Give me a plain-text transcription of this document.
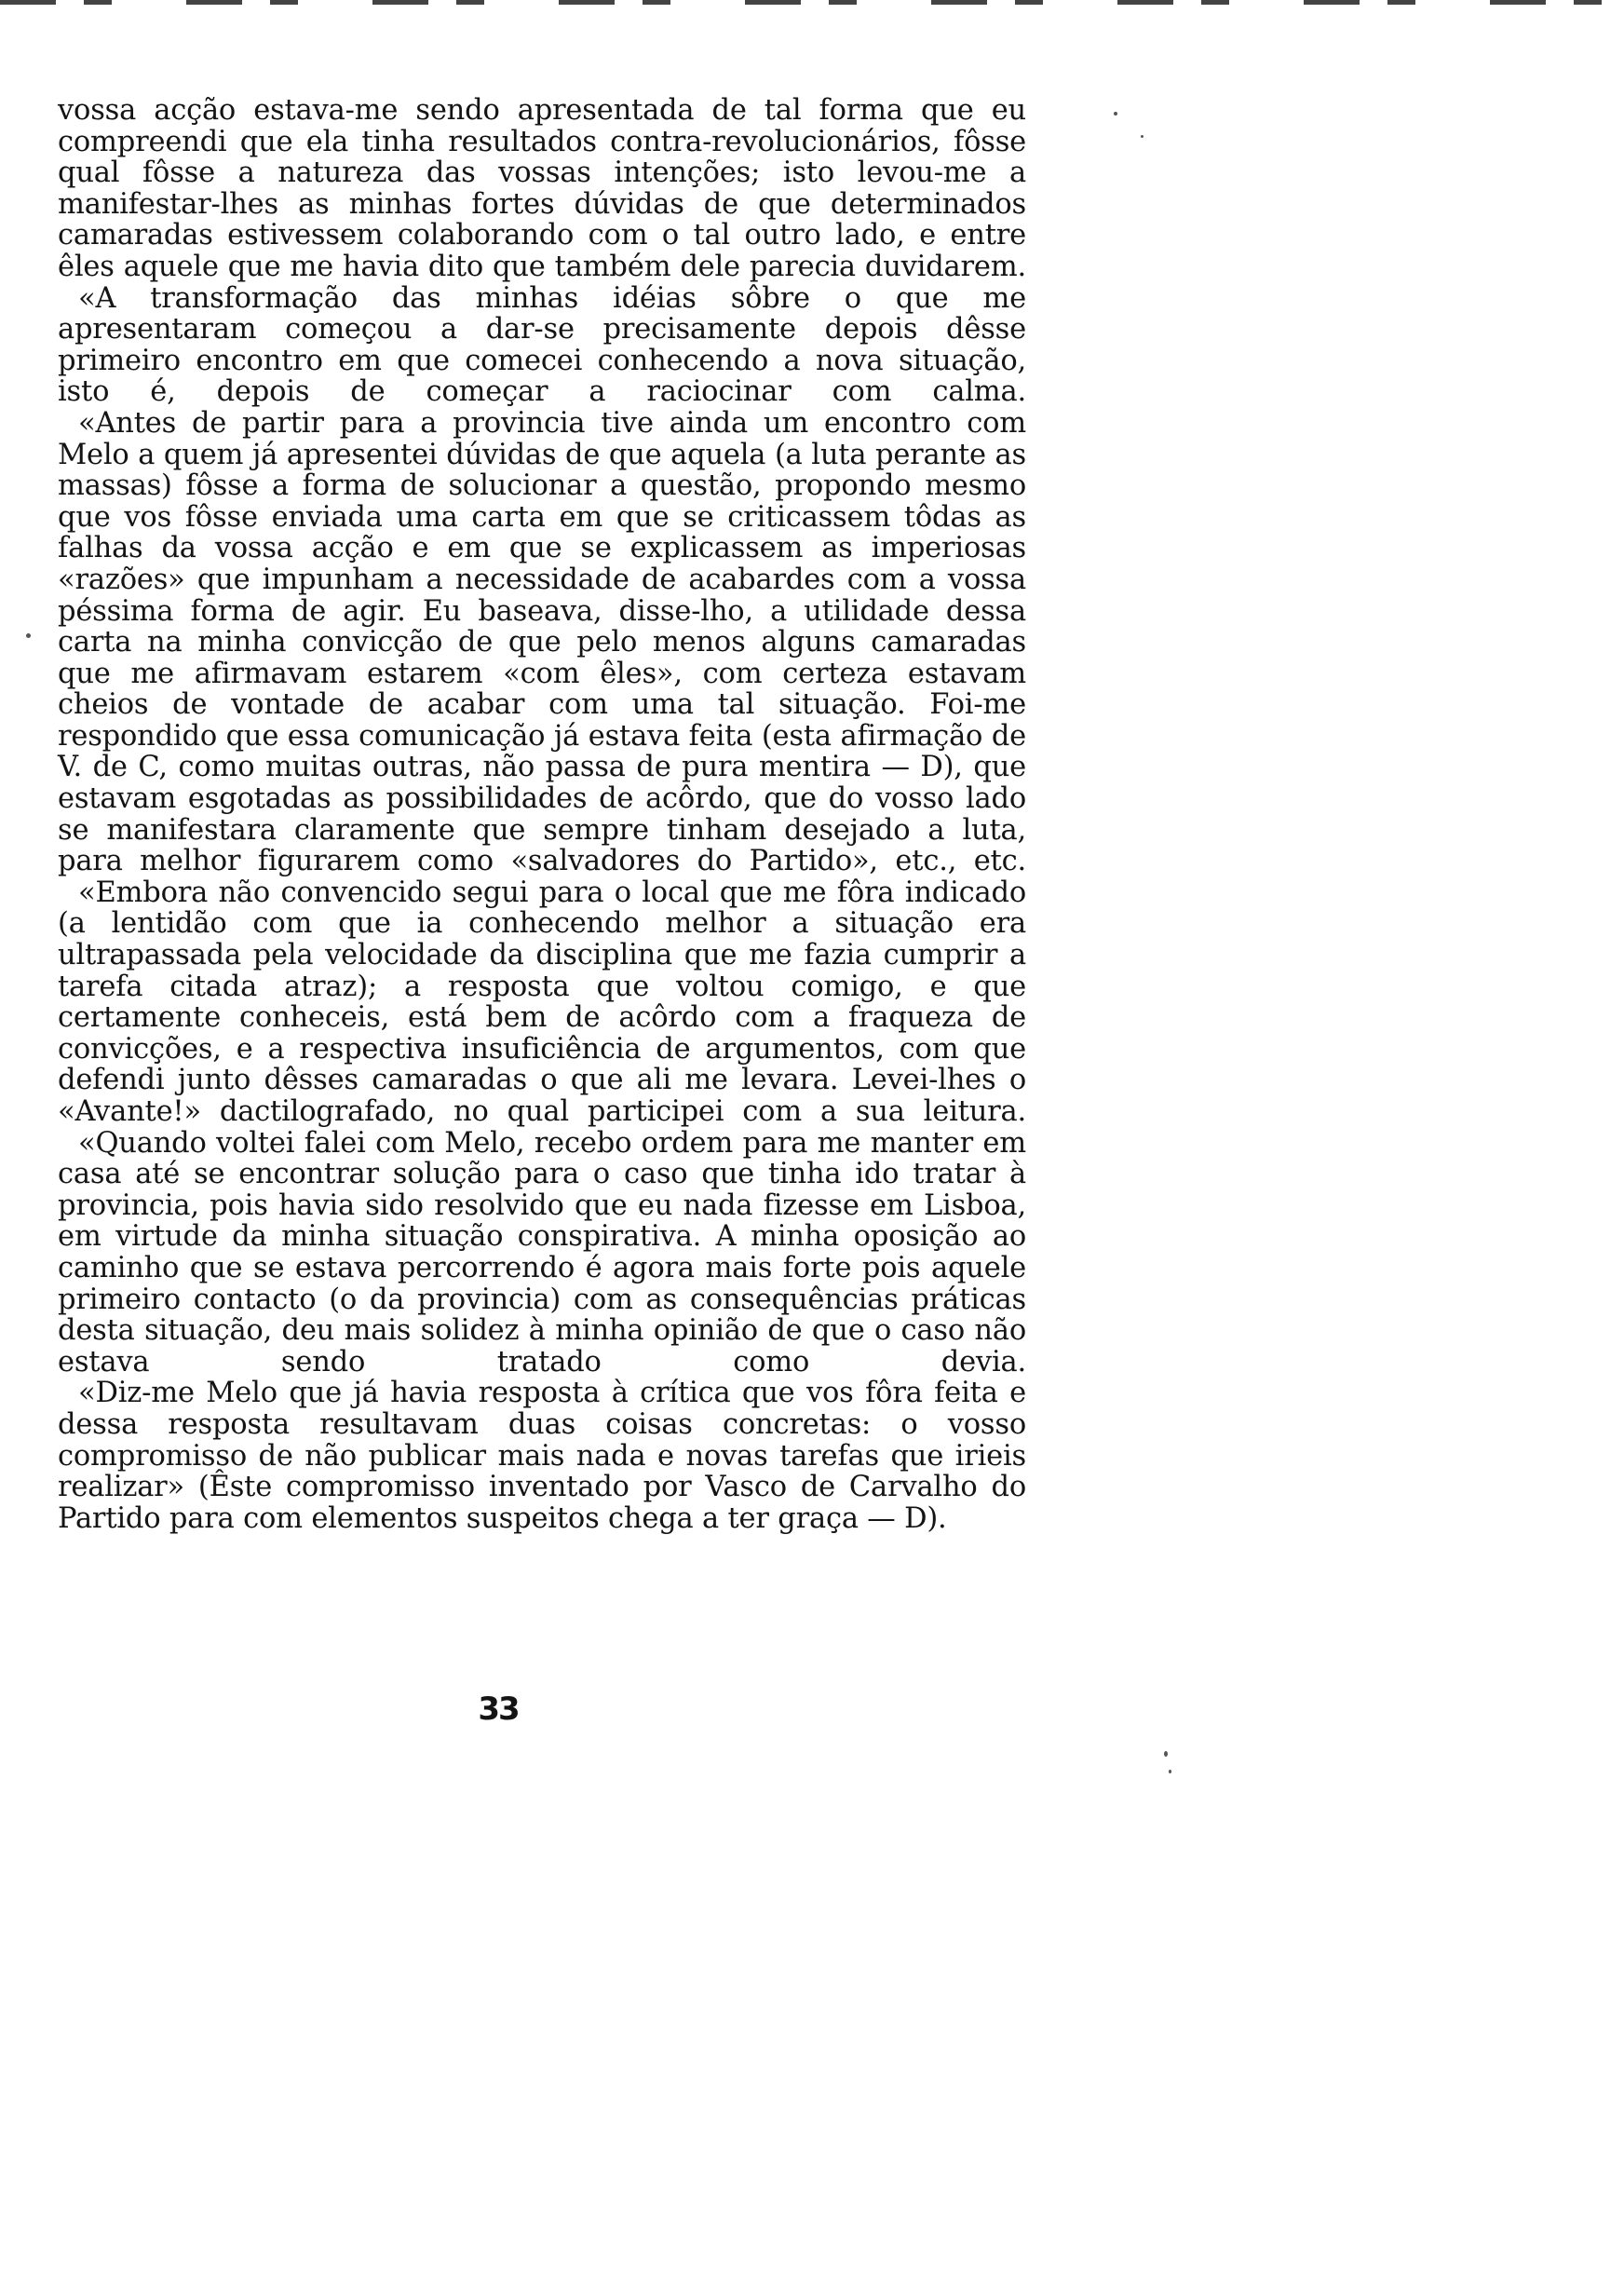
vossa acção estava-me sendo apresentada de tal forma que eu compreendi que ela tinha resultados contra-revolucionários, fôsse qual fôsse a natureza das vossas intenções; isto levou-me a manifestar-lhes as minhas fortes dúvidas de que determinados camaradas estivessem colaborando com o tal outro lado, e entre êles aquele que me havia dito que também dele parecia duvidarem.

«A transformação das minhas idéias sôbre o que me apresentaram começou a dar-se precisamente depois dêsse primeiro encontro em que comecei conhecendo a nova situação, isto é, depois de começar a raciocinar com calma.

«Antes de partir para a provincia tive ainda um encontro com Melo a quem já apresentei dúvidas de que aquela (a luta perante as massas) fôsse a forma de solucionar a questão, propondo mesmo que vos fôsse enviada uma carta em que se criticassem tôdas as falhas da vossa acção e em que se explicassem as imperiosas «razões» que impunham a necessidade de acabardes com a vossa péssima forma de agir. Eu baseava, disse-lho, a utilidade dessa carta na minha convicção de que pelo menos alguns camaradas que me afirmavam estarem «com êles», com certeza estavam cheios de vontade de acabar com uma tal situação. Foi-me respondido que essa comunicação já estava feita (esta afirmação de V. de C, como muitas outras, não passa de pura mentira — D), que estavam esgotadas as possibilidades de acôrdo, que do vosso lado se manifestara claramente que sempre tinham desejado a luta, para melhor figurarem como «salvadores do Partido», etc., etc.

«Embora não convencido segui para o local que me fôra indicado (a lentidão com que ia conhecendo melhor a situação era ultrapassada pela velocidade da disciplina que me fazia cumprir a tarefa citada atraz); a resposta que voltou comigo, e que certamente conheceis, está bem de acôrdo com a fraqueza de convicções, e a respectiva insuficiência de argumentos, com que defendi junto dêsses camaradas o que ali me levara. Levei-lhes o «Avante!» dactilografado, no qual participei com a sua leitura.

«Quando voltei falei com Melo, recebo ordem para me manter em casa até se encontrar solução para o caso que tinha ido tratar à provincia, pois havia sido resolvido que eu nada fizesse em Lisboa, em virtude da minha situação conspirativa. A minha oposição ao caminho que se estava percorrendo é agora mais forte pois aquele primeiro contacto (o da provincia) com as consequências práticas desta situação, deu mais solidez à minha opinião de que o caso não estava sendo tratado como devia.

«Diz-me Melo que já havia resposta à crítica que vos fôra feita e dessa resposta resultavam duas coisas concretas: o vosso compromisso de não publicar mais nada e novas tarefas que irieis realizar» (Êste compromisso inventado por Vasco de Carvalho do Partido para com elementos suspeitos chega a ter graça — D).

33
